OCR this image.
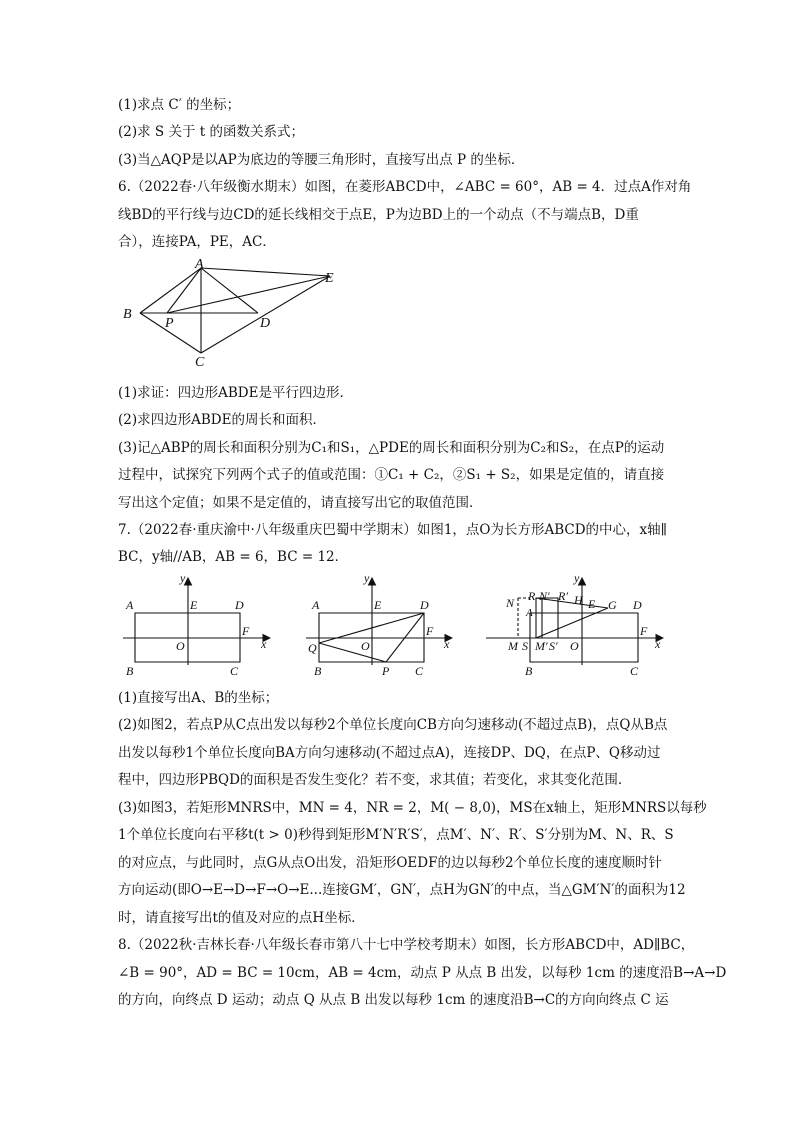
(1)求点 C′ 的坐标；
(2)求 S 关于 t 的函数关系式；
(3)当△AQP是以AP为底边的等腰三角形时，直接写出点 P 的坐标．
6.（2022春·八年级衡水期末）如图，在菱形ABCD中，∠ABC = 60°，AB = 4．过点A作对角
线BD的平行线与边CD的延长线相交于点E，P为边BD上的一个动点（不与端点B，D重
合），连接PA，PE，AC．
A
B
C
D
E
P
(1)求证：四边形ABDE是平行四边形．
(2)求四边形ABDE的周长和面积．
(3)记△ABP的周长和面积分别为C₁和S₁，△PDE的周长和面积分别为C₂和S₂，在点P的运动
过程中，试探究下列两个式子的值或范围：①C₁ + C₂，②S₁ + S₂，如果是定值的，请直接
写出这个定值；如果不是定值的，请直接写出它的取值范围．
7.（2022春·重庆渝中·八年级重庆巴蜀中学期末）如图1，点O为长方形ABCD的中心，x轴∥
BC，y轴//AB，AB = 6，BC = 12．
y
x
A	E	D
F
O
B	C
y
x
A	E	D
F
Q	O
B	P C
y
x
N R N′ R′ H E G D
A
F
M S M′ S′ O
B	C
(1)直接写出A、B的坐标；
(2)如图2，若点P从C点出发以每秒2个单位长度向CB方向匀速移动(不超过点B)，点Q从B点
出发以每秒1个单位长度向BA方向匀速移动(不超过点A)，连接DP、DQ，在点P、Q移动过
程中，四边形PBQD的面积是否发生变化？若不变，求其值；若变化，求其变化范围．
(3)如图3，若矩形MNRS中，MN = 4，NR = 2，M( − 8,0)，MS在x轴上，矩形MNRS以每秒
1个单位长度向右平移t(t > 0)秒得到矩形M′N′R′S′，点M′、N′、R′、S′分别为M、N、R、S
的对应点，与此同时，点G从点O出发，沿矩形OEDF的边以每秒2个单位长度的速度顺时针
方向运动(即O→E→D→F→O→E...连接GM′，GN′，点H为GN′的中点，当△GM′N′的面积为12
时，请直接写出t的值及对应的点H坐标．
8.（2022秋·吉林长春·八年级长春市第八十七中学校考期末）如图，长方形ABCD中，AD∥BC，
∠B = 90°，AD = BC = 10cm，AB = 4cm，动点 P 从点 B 出发，以每秒 1cm 的速度沿B→A→D
的方向，向终点 D 运动；动点 Q 从点 B 出发以每秒 1cm 的速度沿B→C的方向向终点 C 运
